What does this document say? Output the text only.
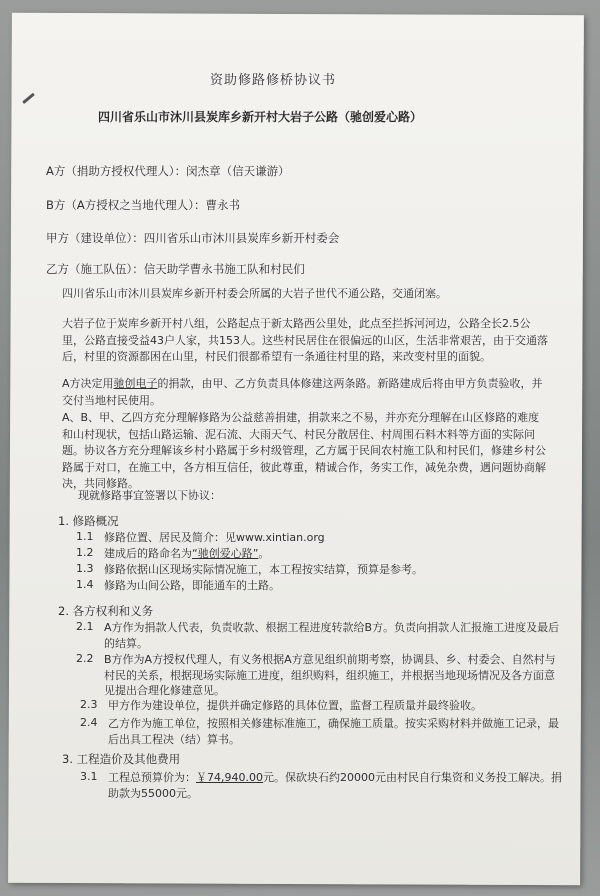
资助修路修桥协议书
四川省乐山市沐川县炭库乡新开村大岩子公路（驰创爱心路）
A方（捐助方授权代理人）：闵杰章（信天谦游）
B方（A方授权之当地代理人）：曹永书
甲方（建设单位）：四川省乐山市沐川县炭库乡新开村委会
乙方（施工队伍）：信天助学曹永书施工队和村民们
四川省乐山市沐川县炭库乡新开村委会所属的大岩子世代不通公路，交通闭塞。
大岩子位于炭库乡新开村八组，公路起点于新太路西公里处，此点至拦拆河河边，公路全长2.5公里，公路直接受益43户人家，共153人。这些村民居住在很偏远的山区，生活非常艰苦，由于交通落后，村里的资源都困在山里，村民们很都希望有一条通往村里的路，来改变村里的面貌。
A方决定用驰创电子的捐款，由甲、乙方负责具体修建这两条路。新路建成后将由甲方负责验收，并交付当地村民使用。
A、B、甲、乙四方充分理解修路为公益慈善捐建，捐款来之不易，并亦充分理解在山区修路的难度和山村现状，包括山路运输、泥石流、大雨天气、村民分散居住、村周围石料木料等方面的实际问题。协议各方充分理解该乡村小路属于乡村级管理，乙方属于民间农村施工队和村民们，修建乡村公路属于对口，在施工中，各方相互信任，彼此尊重，精诚合作，务实工作，减免杂费，遇问题协商解决，共同修路。
现就修路事宜签署以下协议：
1. 修路概况
1.1 修路位置、居民及简介：见www.xintian.org
1.2 建成后的路命名为“驰创爱心路”。
1.3 修路依据山区现场实际情况施工，本工程按实结算，预算是参考。
1.4 修路为山间公路，即能通车的土路。
2. 各方权利和义务
2.1 A方作为捐款人代表，负责收款、根据工程进度转款给B方。负责向捐款人汇报施工进度及最后的结算。
2.2 B方作为A方授权代理人，有义务根据A方意见组织前期考察，协调县、乡、村委会、自然村与村民的关系，根据现场实际施工进度，组织购料，组织施工，并根据当地现场情况及各方面意见提出合理化修建意见。
2.3 甲方作为建设单位，提供并确定修路的具体位置，监督工程质量并最终验收。
2.4 乙方作为施工单位，按照相关修建标准施工，确保施工质量。按实采购材料并做施工记录，最后出具工程决（结）算书。
3. 工程造价及其他费用
3.1 工程总预算价为：￥74,940.00元。保砍块石约20000元由村民自行集资和义务投工解决。捐助款为55000元。
